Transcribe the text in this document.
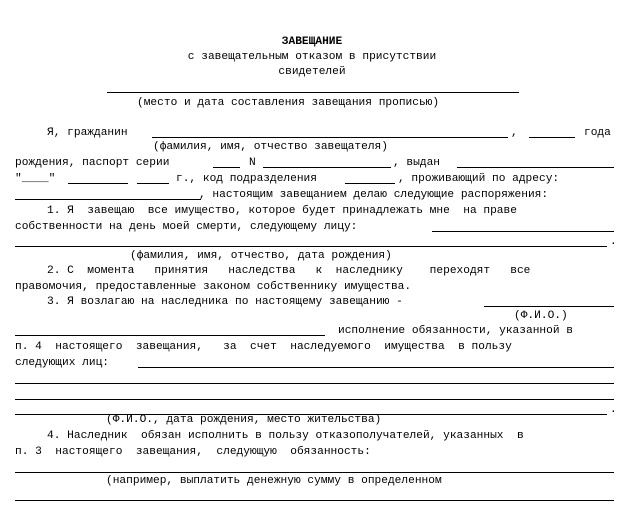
ЗАВЕЩАНИЕ
с завещательным отказом в присутствии
свидетелей
(место и дата составления завещания прописью)
Я, гражданин	,	года
(фамилия, имя, отчество завещателя)
рождения, паспорт серии	N	, выдан
"____"	г., код подразделения	, проживающий по адресу:
, настоящим завещанием делаю следующие распоряжения:
1. Я  завещаю  все имущество, которое будет принадлежать мне  на праве
собственности на день моей смерти, следующему лицу:
.
(фамилия, имя, отчество, дата рождения)
2. С  момента   принятия   наследства   к  наследнику    переходят   все
правомочия, предоставленные законом собственнику имущества.
3. Я возлагаю на наследника по настоящему завещанию -
(Ф.И.О.)
исполнение обязанности, указанной в
п. 4  настоящего  завещания,   за  счет  наследуемого  имущества  в пользу
следующих лиц:
.
(Ф.И.О., дата рождения, место жительства)
4. Наследник  обязан исполнить в пользу отказополучателей, указанных  в
п. 3  настоящего  завещания,  следующую  обязанность:
(например, выплатить денежную сумму в определенном
